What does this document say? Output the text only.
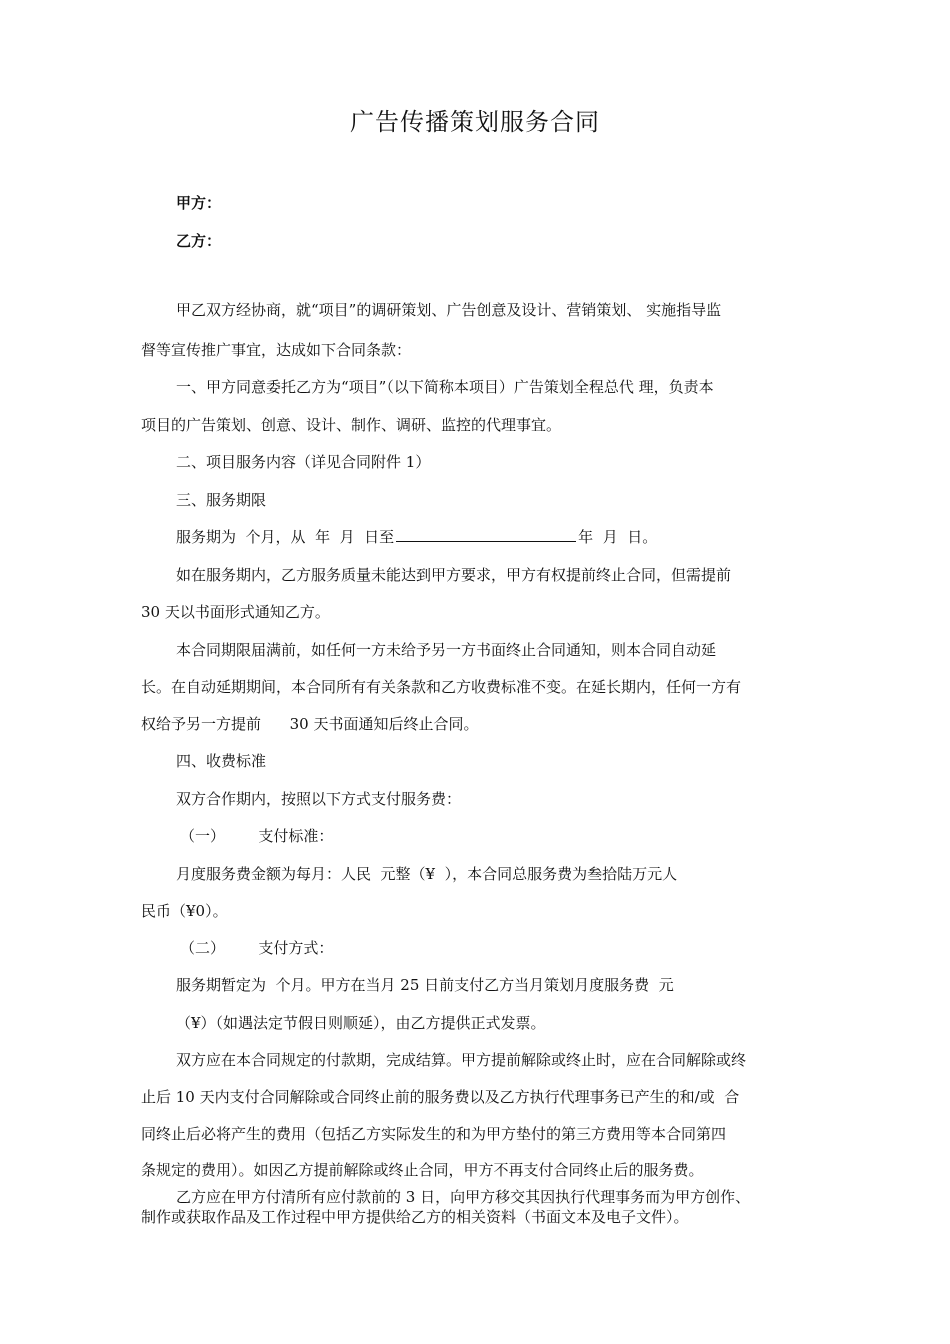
广告传播策划服务合同
甲方：
乙方：
甲乙双方经协商，就“项目”的调研策划、广告创意及设计、营销策划、 实施指导监
督等宣传推广事宜，达成如下合同条款：
一、甲方同意委托乙方为“项目”（以下简称本项目）广告策划全程总代 理，负责本
项目的广告策划、创意、设计、制作、调研、监控的代理事宜。
二、项目服务内容（详见合同附件 1）
三、服务期限
服务期为  个月，从  年  月  日至	年  月  日。
如在服务期内，乙方服务质量未能达到甲方要求，甲方有权提前终止合同，但需提前
30 天以书面形式通知乙方。
本合同期限届满前，如任何一方未给予另一方书面终止合同通知，则本合同自动延
长。在自动延期期间，本合同所有有关条款和乙方收费标准不变。在延长期内，任何一方有
权给予另一方提前      30 天书面通知后终止合同。
四、收费标准
双方合作期内，按照以下方式支付服务费：
（一）       支付标准：
月度服务费金额为每月：人民  元整（¥  ），本合同总服务费为叁拾陆万元人
民币（¥0）。
（二）       支付方式：
服务期暂定为  个月。甲方在当月 25 日前支付乙方当月策划月度服务费  元
（¥）（如遇法定节假日则顺延），由乙方提供正式发票。
双方应在本合同规定的付款期，完成结算。甲方提前解除或终止时，应在合同解除或终
止后 10 天内支付合同解除或合同终止前的服务费以及乙方执行代理事务已产生的和/或  合
同终止后必将产生的费用（包括乙方实际发生的和为甲方垫付的第三方费用等本合同第四
条规定的费用）。如因乙方提前解除或终止合同，甲方不再支付合同终止后的服务费。
乙方应在甲方付清所有应付款前的 3 日，向甲方移交其因执行代理事务而为甲方创作、
制作或获取作品及工作过程中甲方提供给乙方的相关资料（书面文本及电子文件）。
